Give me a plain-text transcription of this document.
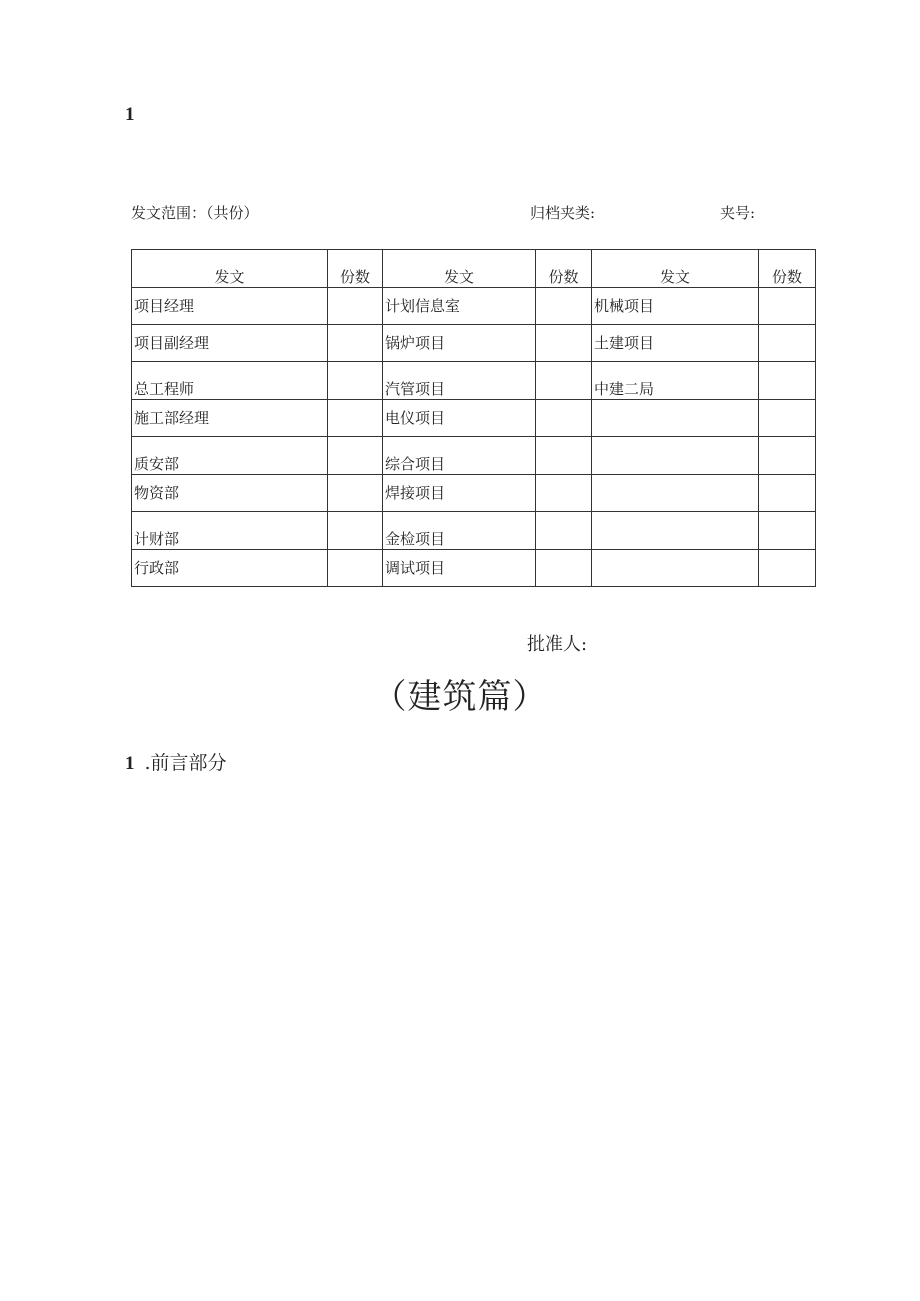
1
发文范围：（共份）	归档夹类:	夹号:
发文	份数	发文	份数	发文	份数
项目经理		计划信息室		机械项目	
项目副经理		锅炉项目		土建项目	
总工程师		汽管项目		中建二局	
施工部经理		电仪项目			
质安部		综合项目			
物资部		焊接项目			
计财部		金检项目			
行政部		调试项目			
批准人:
（建筑篇）
1 .前言部分
